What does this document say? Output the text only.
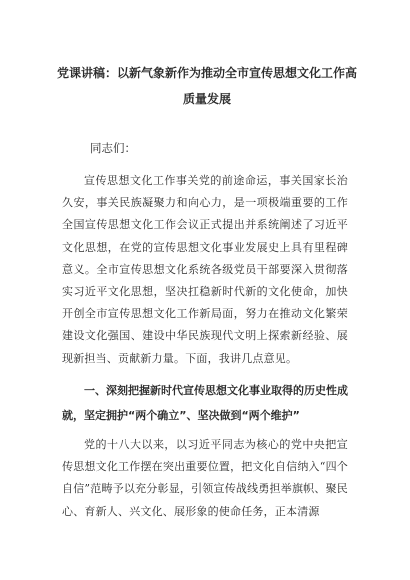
党课讲稿：以新气象新作为推动全市宣传思想文化工作高质量发展

同志们：

宣传思想文化工作事关党的前途命运，事关国家长治久安，事关民族凝聚力和向心力，是一项极端重要的工作全国宣传思想文化工作会议正式提出并系统阐述了习近平文化思想，在党的宣传思想文化事业发展史上具有里程碑意义。全市宣传思想文化系统各级党员干部要深入贯彻落实习近平文化思想，坚决扛稳新时代新的文化使命，加快开创全市宣传思想文化工作新局面，努力在推动文化繁荣建设文化强国、建设中华民族现代文明上探索新经验、展现新担当、贡献新力量。下面，我讲几点意见。

一、深刻把握新时代宣传思想文化事业取得的历史性成就，坚定拥护“两个确立”、坚决做到“两个维护”

党的十八大以来，以习近平同志为核心的党中央把宣传思想文化工作摆在突出重要位置，把文化自信纳入“四个自信”范畴予以充分彰显，引领宣传战线勇担举旗帜、聚民心、育新人、兴文化、展形象的使命任务，正本清源
